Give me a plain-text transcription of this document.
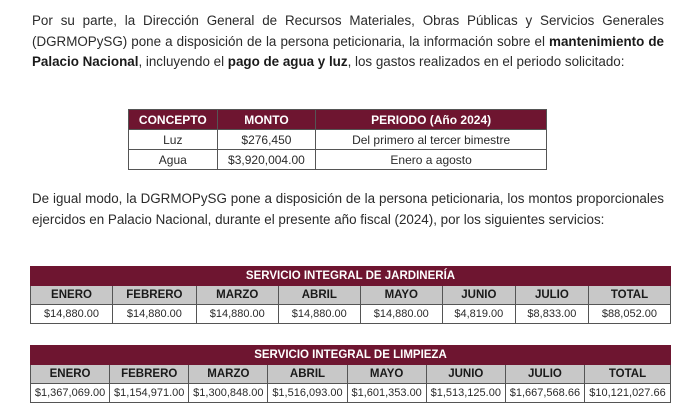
Por su parte, la Dirección General de Recursos Materiales, Obras Públicas y Servicios Generales (DGRMOPySG) pone a disposición de la persona peticionaria, la información sobre el mantenimiento de Palacio Nacional, incluyendo el pago de agua y luz, los gastos realizados en el periodo solicitado:

CONCEPTO	MONTO	PERIODO (Año 2024)
Luz	$276,450	Del primero al tercer bimestre
Agua	$3,920,004.00	Enero a agosto

De igual modo, la DGRMOPySG pone a disposición de la persona peticionaria, los montos proporcionales ejercidos en Palacio Nacional, durante el presente año fiscal (2024), por los siguientes servicios:

SERVICIO INTEGRAL DE JARDINERÍA							
ENERO	FEBRERO	MARZO	ABRIL	MAYO	JUNIO	JULIO	TOTAL
$14,880.00	$14,880.00	$14,880.00	$14,880.00	$14,880.00	$4,819.00	$8,833.00	$88,052.00
SERVICIO INTEGRAL DE LIMPIEZA							
ENERO	FEBRERO	MARZO	ABRIL	MAYO	JUNIO	JULIO	TOTAL
$1,367,069.00	$1,154,971.00	$1,300,848.00	$1,516,093.00	$1,601,353.00	$1,513,125.00	$1,667,568.66	$10,121,027.66
